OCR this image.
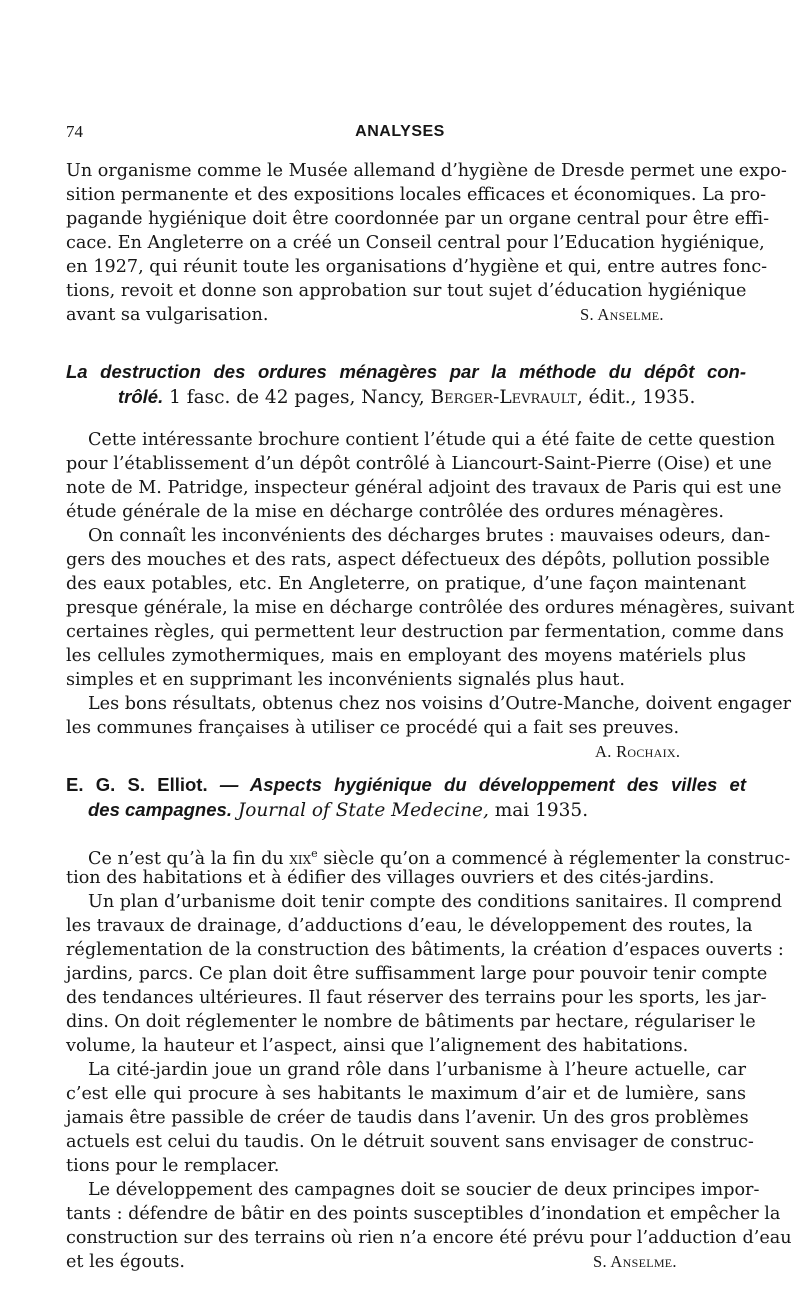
74	ANALYSES
Un organisme comme le Musée allemand d’hygiène de Dresde permet une expo-
sition permanente et des expositions locales efficaces et économiques. La pro-
pagande hygiénique doit être coordonnée par un organe central pour être effi-
cace. En Angleterre on a créé un Conseil central pour l’Education hygiénique,
en 1927, qui réunit toute les organisations d’hygiène et qui, entre autres fonc-
tions, revoit et donne son approbation sur tout sujet d’éducation hygiénique
avant sa vulgarisation.	S. Anselme.
La destruction des ordures ménagères par la méthode du dépôt con-
trôlé. 1 fasc. de 42 pages, Nancy, Berger-Levrault, édit., 1935.
Cette intéressante brochure contient l’étude qui a été faite de cette question
pour l’établissement d’un dépôt contrôlé à Liancourt-Saint-Pierre (Oise) et une
note de M. Patridge, inspecteur général adjoint des travaux de Paris qui est une
étude générale de la mise en décharge contrôlée des ordures ménagères.
On connaît les inconvénients des décharges brutes : mauvaises odeurs, dan-
gers des mouches et des rats, aspect défectueux des dépôts, pollution possible
des eaux potables, etc. En Angleterre, on pratique, d’une façon maintenant
presque générale, la mise en décharge contrôlée des ordures ménagères, suivant
certaines règles, qui permettent leur destruction par fermentation, comme dans
les cellules zymothermiques, mais en employant des moyens matériels plus
simples et en supprimant les inconvénients signalés plus haut.
Les bons résultats, obtenus chez nos voisins d’Outre-Manche, doivent engager
les communes françaises à utiliser ce procédé qui a fait ses preuves.
A. Rochaix.
E. G. S. Elliot. — Aspects hygiénique du développement des villes et
des campagnes. Journal of State Medecine, mai 1935.
Ce n’est qu’à la fin du xix$^e$ siècle qu’on a commencé à réglementer la construc-
tion des habitations et à édifier des villages ouvriers et des cités-jardins.
Un plan d’urbanisme doit tenir compte des conditions sanitaires. Il comprend
les travaux de drainage, d’adductions d’eau, le développement des routes, la
réglementation de la construction des bâtiments, la création d’espaces ouverts :
jardins, parcs. Ce plan doit être suffisamment large pour pouvoir tenir compte
des tendances ultérieures. Il faut réserver des terrains pour les sports, les jar-
dins. On doit réglementer le nombre de bâtiments par hectare, régulariser le
volume, la hauteur et l’aspect, ainsi que l’alignement des habitations.
La cité-jardin joue un grand rôle dans l’urbanisme à l’heure actuelle, car
c’est elle qui procure à ses habitants le maximum d’air et de lumière, sans
jamais être passible de créer de taudis dans l’avenir. Un des gros problèmes
actuels est celui du taudis. On le détruit souvent sans envisager de construc-
tions pour le remplacer.
Le développement des campagnes doit se soucier de deux principes impor-
tants : défendre de bâtir en des points susceptibles d’inondation et empêcher la
construction sur des terrains où rien n’a encore été prévu pour l’adduction d’eau
et les égouts.	S. Anselme.
